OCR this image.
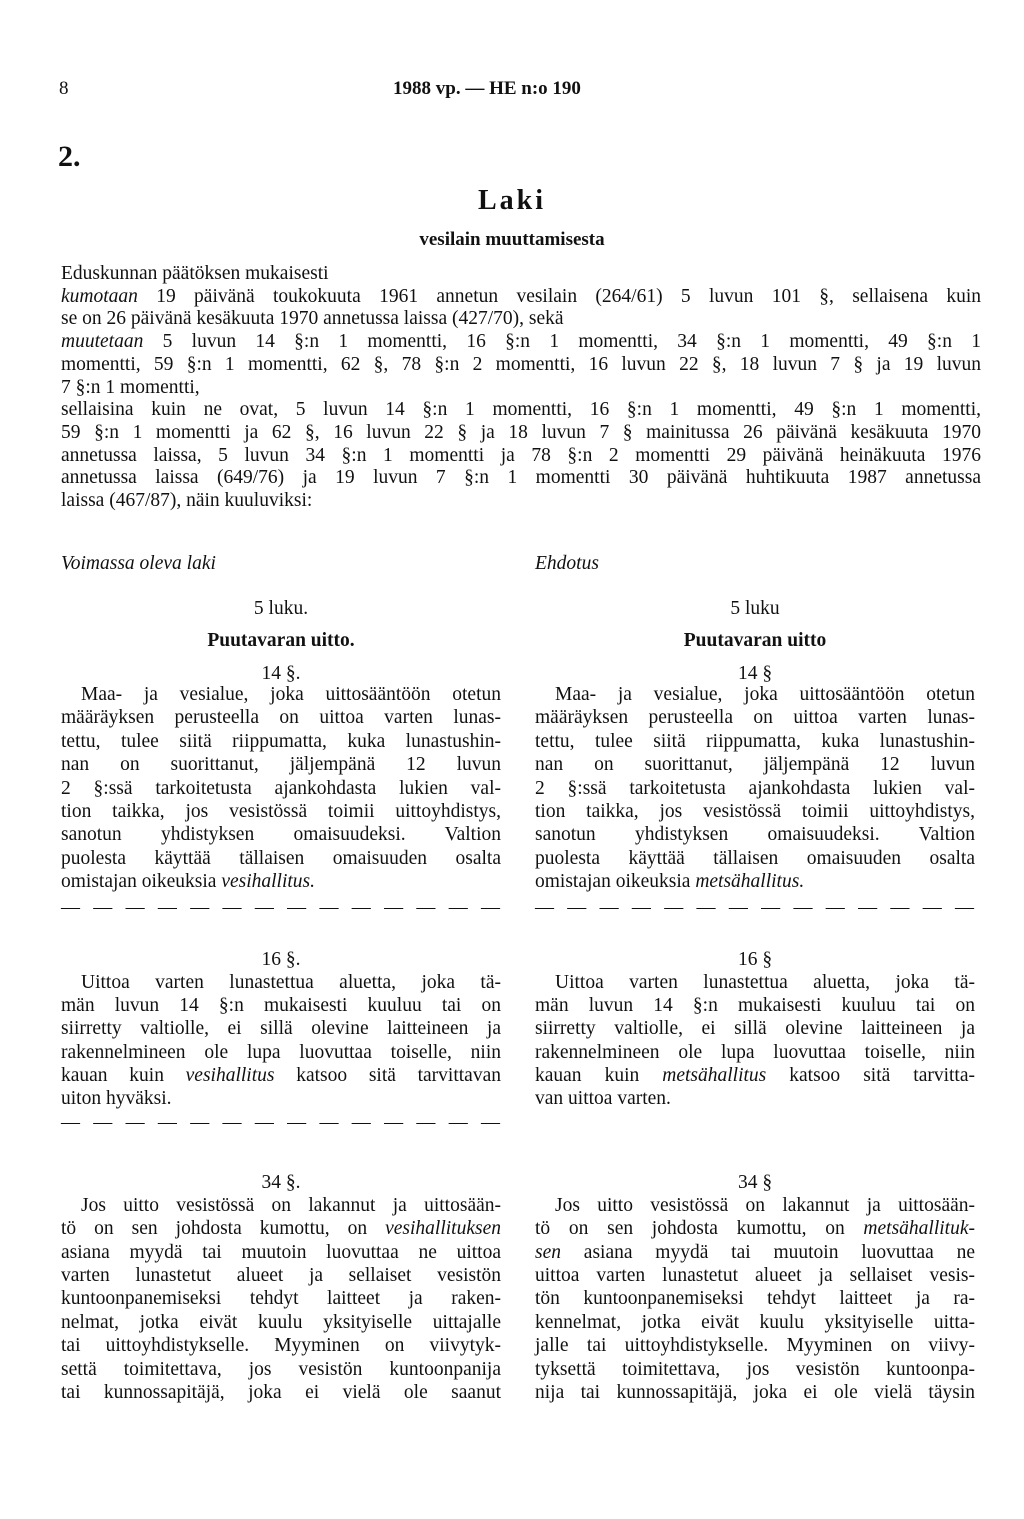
8	1988 vp. — HE n:o 190
2.
Laki
vesilain muuttamisesta
Eduskunnan päätöksen mukaisesti
kumotaan 19 päivänä toukokuuta 1961 annetun vesilain (264/61) 5 luvun 101 §, sellaisena kuin
se on 26 päivänä kesäkuuta 1970 annetussa laissa (427/70), sekä
muutetaan 5 luvun 14 §:n 1 momentti, 16 §:n 1 momentti, 34 §:n 1 momentti, 49 §:n 1
momentti, 59 §:n 1 momentti, 62 §, 78 §:n 2 momentti, 16 luvun 22 §, 18 luvun 7 § ja 19 luvun
7 §:n 1 momentti,
sellaisina kuin ne ovat, 5 luvun 14 §:n 1 momentti, 16 §:n 1 momentti, 49 §:n 1 momentti,
59 §:n 1 momentti ja 62 §, 16 luvun 22 § ja 18 luvun 7 § mainitussa 26 päivänä kesäkuuta 1970
annetussa laissa, 5 luvun 34 §:n 1 momentti ja 78 §:n 2 momentti 29 päivänä heinäkuuta 1976
annetussa laissa (649/76) ja 19 luvun 7 §:n 1 momentti 30 päivänä huhtikuuta 1987 annetussa
laissa (467/87), näin kuuluviksi:
Voimassa oleva laki	Ehdotus
5 luku.
Puutavaran uitto.
14 §.
Maa- ja vesialue, joka uittosääntöön otetun
määräyksen perusteella on uittoa varten lunas-
tettu, tulee siitä riippumatta, kuka lunastushin-
nan on suorittanut, jäljempänä 12 luvun
2 §:ssä tarkoitetusta ajankohdasta lukien val-
tion taikka, jos vesistössä toimii uittoyhdistys,
sanotun yhdistyksen omaisuudeksi. Valtion
puolesta käyttää tällaisen omaisuuden osalta
omistajan oikeuksia vesihallitus.
— — — — — — — — — — — — — —
16 §.
Uittoa varten lunastettua aluetta, joka tä-
män luvun 14 §:n mukaisesti kuuluu tai on
siirretty valtiolle, ei sillä olevine laitteineen ja
rakennelmineen ole lupa luovuttaa toiselle, niin
kauan kuin vesihallitus katsoo sitä tarvittavan
uiton hyväksi.
— — — — — — — — — — — — — —
34 §.
Jos uitto vesistössä on lakannut ja uittosään-
tö on sen johdosta kumottu, on vesihallituksen
asiana myydä tai muutoin luovuttaa ne uittoa
varten lunastetut alueet ja sellaiset vesistön
kuntoonpanemiseksi tehdyt laitteet ja raken-
nelmat, jotka eivät kuulu yksityiselle uittajalle
tai uittoyhdistykselle. Myyminen on viivytyk-
settä toimitettava, jos vesistön kuntoonpanija
tai kunnossapitäjä, joka ei vielä ole saanut
5 luku
Puutavaran uitto
14 §
Maa- ja vesialue, joka uittosääntöön otetun
määräyksen perusteella on uittoa varten lunas-
tettu, tulee siitä riippumatta, kuka lunastushin-
nan on suorittanut, jäljempänä 12 luvun
2 §:ssä tarkoitetusta ajankohdasta lukien val-
tion taikka, jos vesistössä toimii uittoyhdistys,
sanotun yhdistyksen omaisuudeksi. Valtion
puolesta käyttää tällaisen omaisuuden osalta
omistajan oikeuksia metsähallitus.
— — — — — — — — — — — — — —
16 §
Uittoa varten lunastettua aluetta, joka tä-
män luvun 14 §:n mukaisesti kuuluu tai on
siirretty valtiolle, ei sillä olevine laitteineen ja
rakennelmineen ole lupa luovuttaa toiselle, niin
kauan kuin metsähallitus katsoo sitä tarvitta-
van uittoa varten.
34 §
Jos uitto vesistössä on lakannut ja uittosään-
tö on sen johdosta kumottu, on metsähallituk-
sen asiana myydä tai muutoin luovuttaa ne
uittoa varten lunastetut alueet ja sellaiset vesis-
tön kuntoonpanemiseksi tehdyt laitteet ja ra-
kennelmat, jotka eivät kuulu yksityiselle uitta-
jalle tai uittoyhdistykselle. Myyminen on viivy-
tyksettä toimitettava, jos vesistön kuntoonpa-
nija tai kunnossapitäjä, joka ei ole vielä täysin
